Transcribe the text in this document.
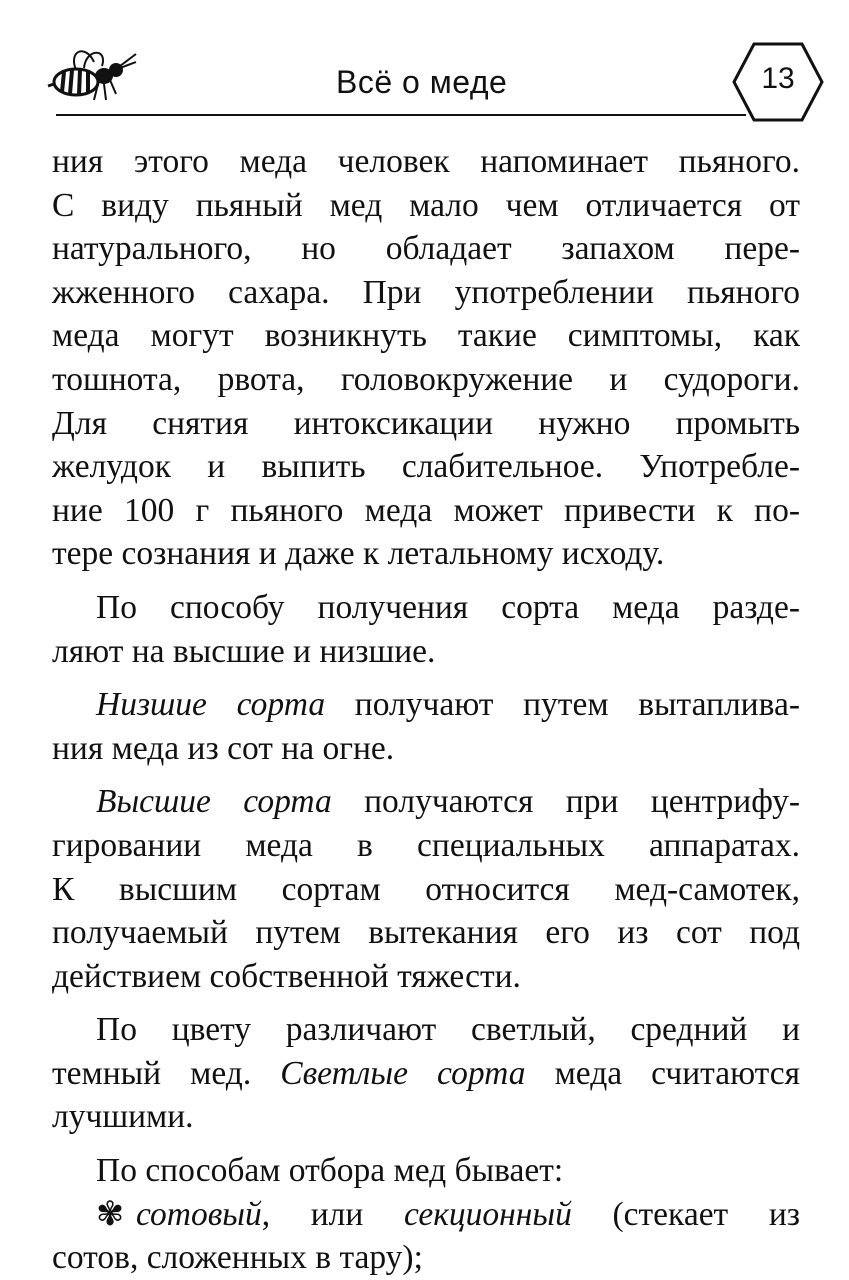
Всё о меде	13
ния этого меда человек напоминает пьяного.
С виду пьяный мед мало чем отличается от
натурального, но обладает запахом пере-
жженного сахара. При употреблении пьяного
меда могут возникнуть такие симптомы, как
тошнота, рвота, головокружение и судороги.
Для снятия интоксикации нужно промыть
желудок и выпить слабительное. Употребле-
ние 100 г пьяного меда может привести к по-
тере сознания и даже к летальному исходу.
По способу получения сорта меда разде-
ляют на высшие и низшие.
Низшие сорта получают путем вытаплива-
ния меда из сот на огне.
Высшие сорта получаются при центрифу-
гировании меда в специальных аппаратах.
К высшим сортам относится мед-самотек,
получаемый путем вытекания его из сот под
действием собственной тяжести.
По цвету различают светлый, средний и
темный мед. Светлые сорта меда считаются
лучшими.
По способам отбора мед бывает:
✾ сотовый, или секционный (стекает из
сотов, сложенных в тару);
